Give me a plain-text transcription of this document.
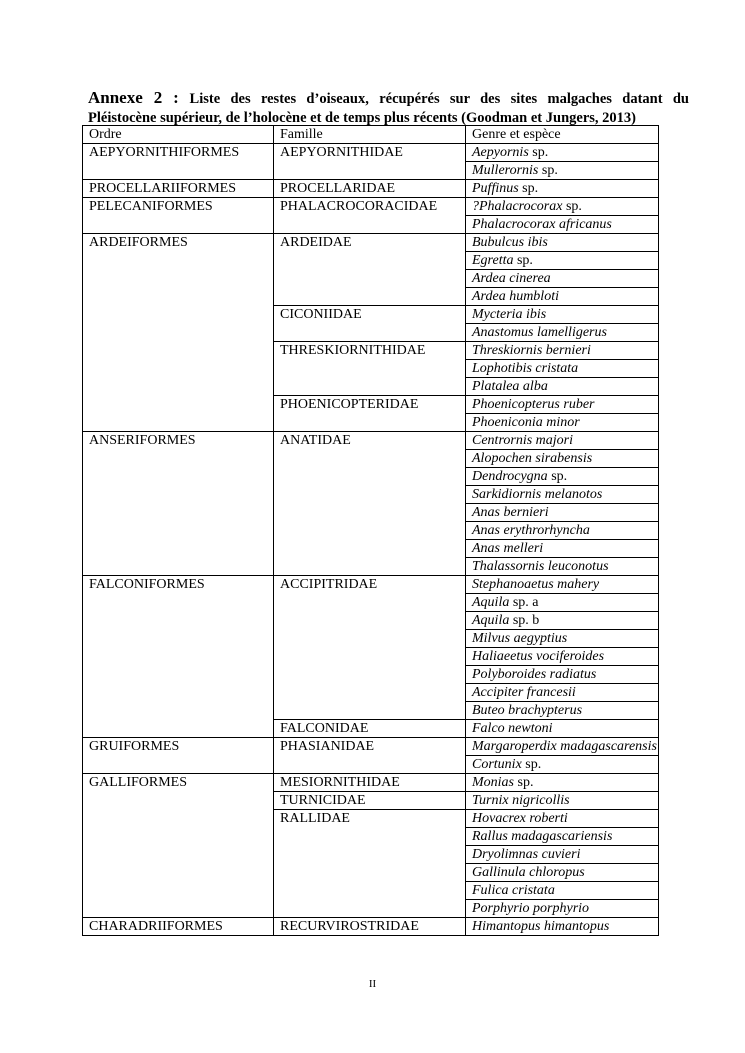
Annexe 2 : Liste des restes d’oiseaux, récupérés sur des sites malgaches datant du
Pléistocène supérieur, de l’holocène et de temps plus récents (Goodman et Jungers, 2013)
Ordre	Famille	Genre et espèce
AEPYORNITHIFORMES	AEPYORNITHIDAE	Aepyornis sp.
		Mullerornis sp.
PROCELLARIIFORMES	PROCELLARIDAE	Puffinus sp.
PELECANIFORMES	PHALACROCORACIDAE	?Phalacrocorax sp.
		Phalacrocorax africanus
ARDEIFORMES	ARDEIDAE	Bubulcus ibis
		Egretta sp.
		Ardea cinerea
		Ardea humbloti
	CICONIIDAE	Mycteria ibis
		Anastomus lamelligerus
	THRESKIORNITHIDAE	Threskiornis bernieri
		Lophotibis cristata
		Platalea alba
	PHOENICOPTERIDAE	Phoenicopterus ruber
		Phoeniconia minor
ANSERIFORMES	ANATIDAE	Centrornis majori
		Alopochen sirabensis
		Dendrocygna sp.
		Sarkidiornis melanotos
		Anas bernieri
		Anas erythrorhyncha
		Anas melleri
		Thalassornis leuconotus
FALCONIFORMES	ACCIPITRIDAE	Stephanoaetus mahery
		Aquila sp. a
		Aquila sp. b
		Milvus aegyptius
		Haliaeetus vociferoides
		Polyboroides radiatus
		Accipiter francesii
		Buteo brachypterus
	FALCONIDAE	Falco newtoni
GRUIFORMES	PHASIANIDAE	Margaroperdix madagascarensis
		Cortunix sp.
GALLIFORMES	MESIORNITHIDAE	Monias sp.
	TURNICIDAE	Turnix nigricollis
	RALLIDAE	Hovacrex roberti
		Rallus madagascariensis
		Dryolimnas cuvieri
		Gallinula chloropus
		Fulica cristata
		Porphyrio porphyrio
CHARADRIIFORMES	RECURVIROSTRIDAE	Himantopus himantopus
II
